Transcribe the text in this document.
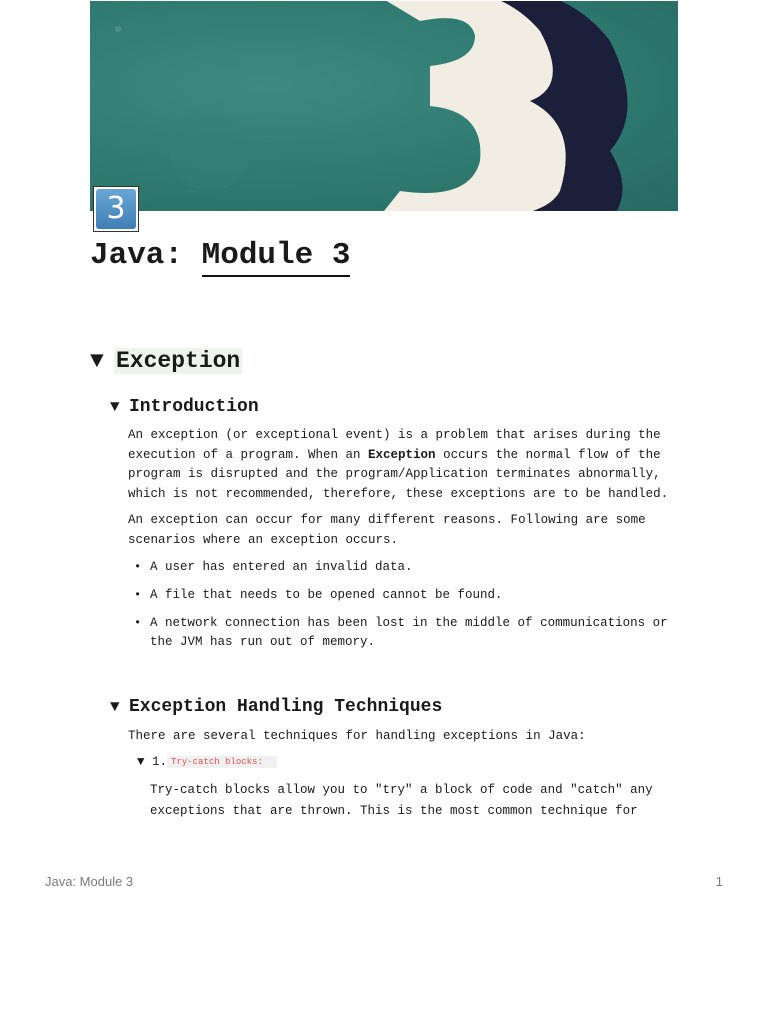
3
Java: Module 3
▼ Exception
▼ Introduction

An exception (or exceptional event) is a problem that arises during the execution of a program. When an Exception occurs the normal flow of the program is disrupted and the program/Application terminates abnormally, which is not recommended, therefore, these exceptions are to be handled.

An exception can occur for many different reasons. Following are some scenarios where an exception occurs.

• A user has entered an invalid data.
• A file that needs to be opened cannot be found.
• A network connection has been lost in the middle of communications or the JVM has run out of memory.
▼ Exception Handling Techniques

There are several techniques for handling exceptions in Java:

▼ 1. Try-catch blocks:

Try-catch blocks allow you to "try" a block of code and "catch" any exceptions that are thrown. This is the most common technique for

Java: Module 3	1
